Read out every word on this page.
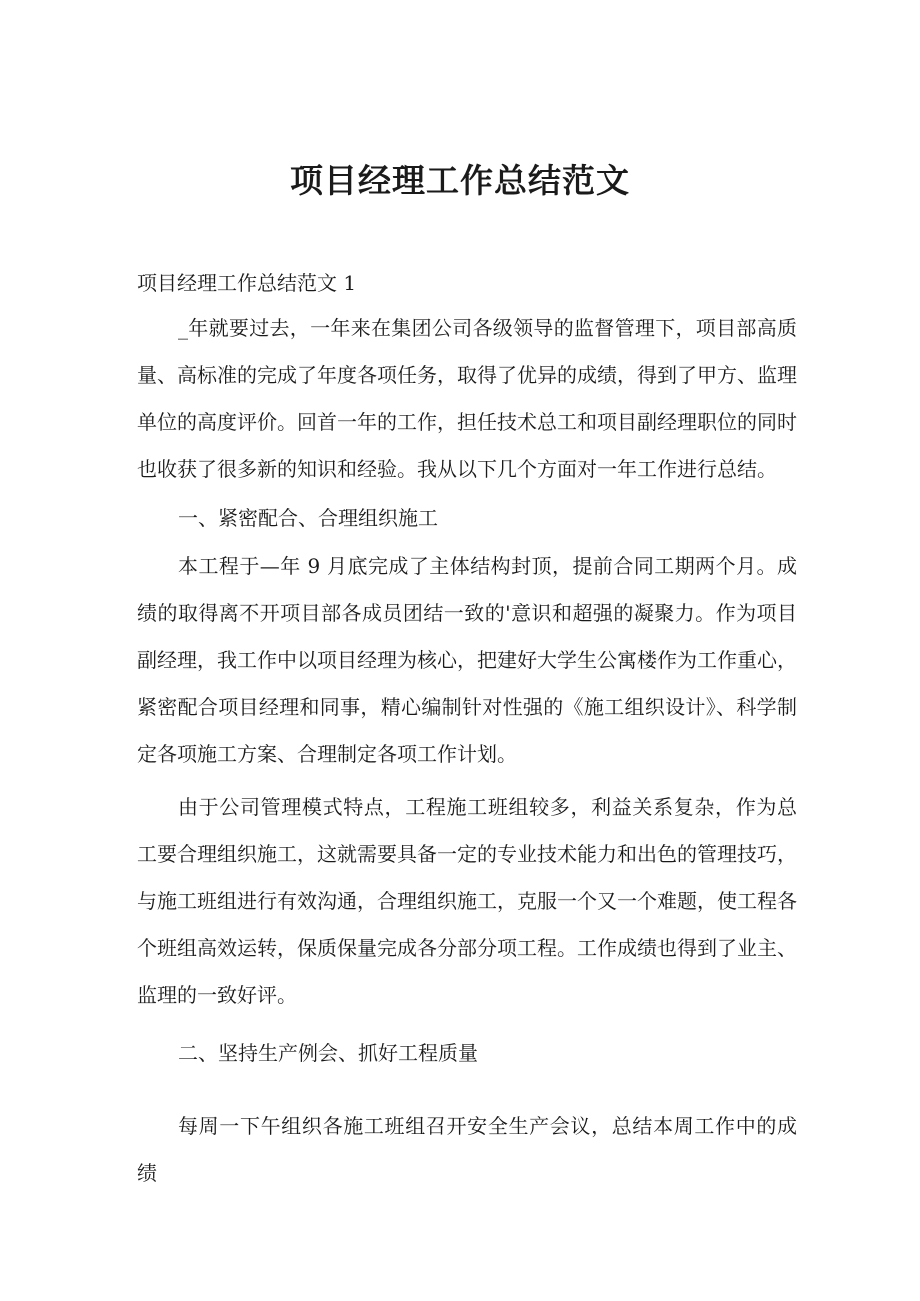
项目经理工作总结范文

项目经理工作总结范文 1

_年就要过去，一年来在集团公司各级领导的监督管理下，项目部高质量、高标准的完成了年度各项任务，取得了优异的成绩，得到了甲方、监理单位的高度评价。回首一年的工作，担任技术总工和项目副经理职位的同时也收获了很多新的知识和经验。我从以下几个方面对一年工作进行总结。

一、紧密配合、合理组织施工

本工程于—年 9 月底完成了主体结构封顶，提前合同工期两个月。成绩的取得离不开项目部各成员团结一致的'意识和超强的凝聚力。作为项目副经理，我工作中以项目经理为核心，把建好大学生公寓楼作为工作重心，紧密配合项目经理和同事，精心编制针对性强的《施工组织设计》、科学制定各项施工方案、合理制定各项工作计划。

由于公司管理模式特点，工程施工班组较多，利益关系复杂，作为总工要合理组织施工，这就需要具备一定的专业技术能力和出色的管理技巧，与施工班组进行有效沟通，合理组织施工，克服一个又一个难题，使工程各个班组高效运转，保质保量完成各分部分项工程。工作成绩也得到了业主、监理的一致好评。

二、坚持生产例会、抓好工程质量

每周一下午组织各施工班组召开安全生产会议，总结本周工作中的成绩
